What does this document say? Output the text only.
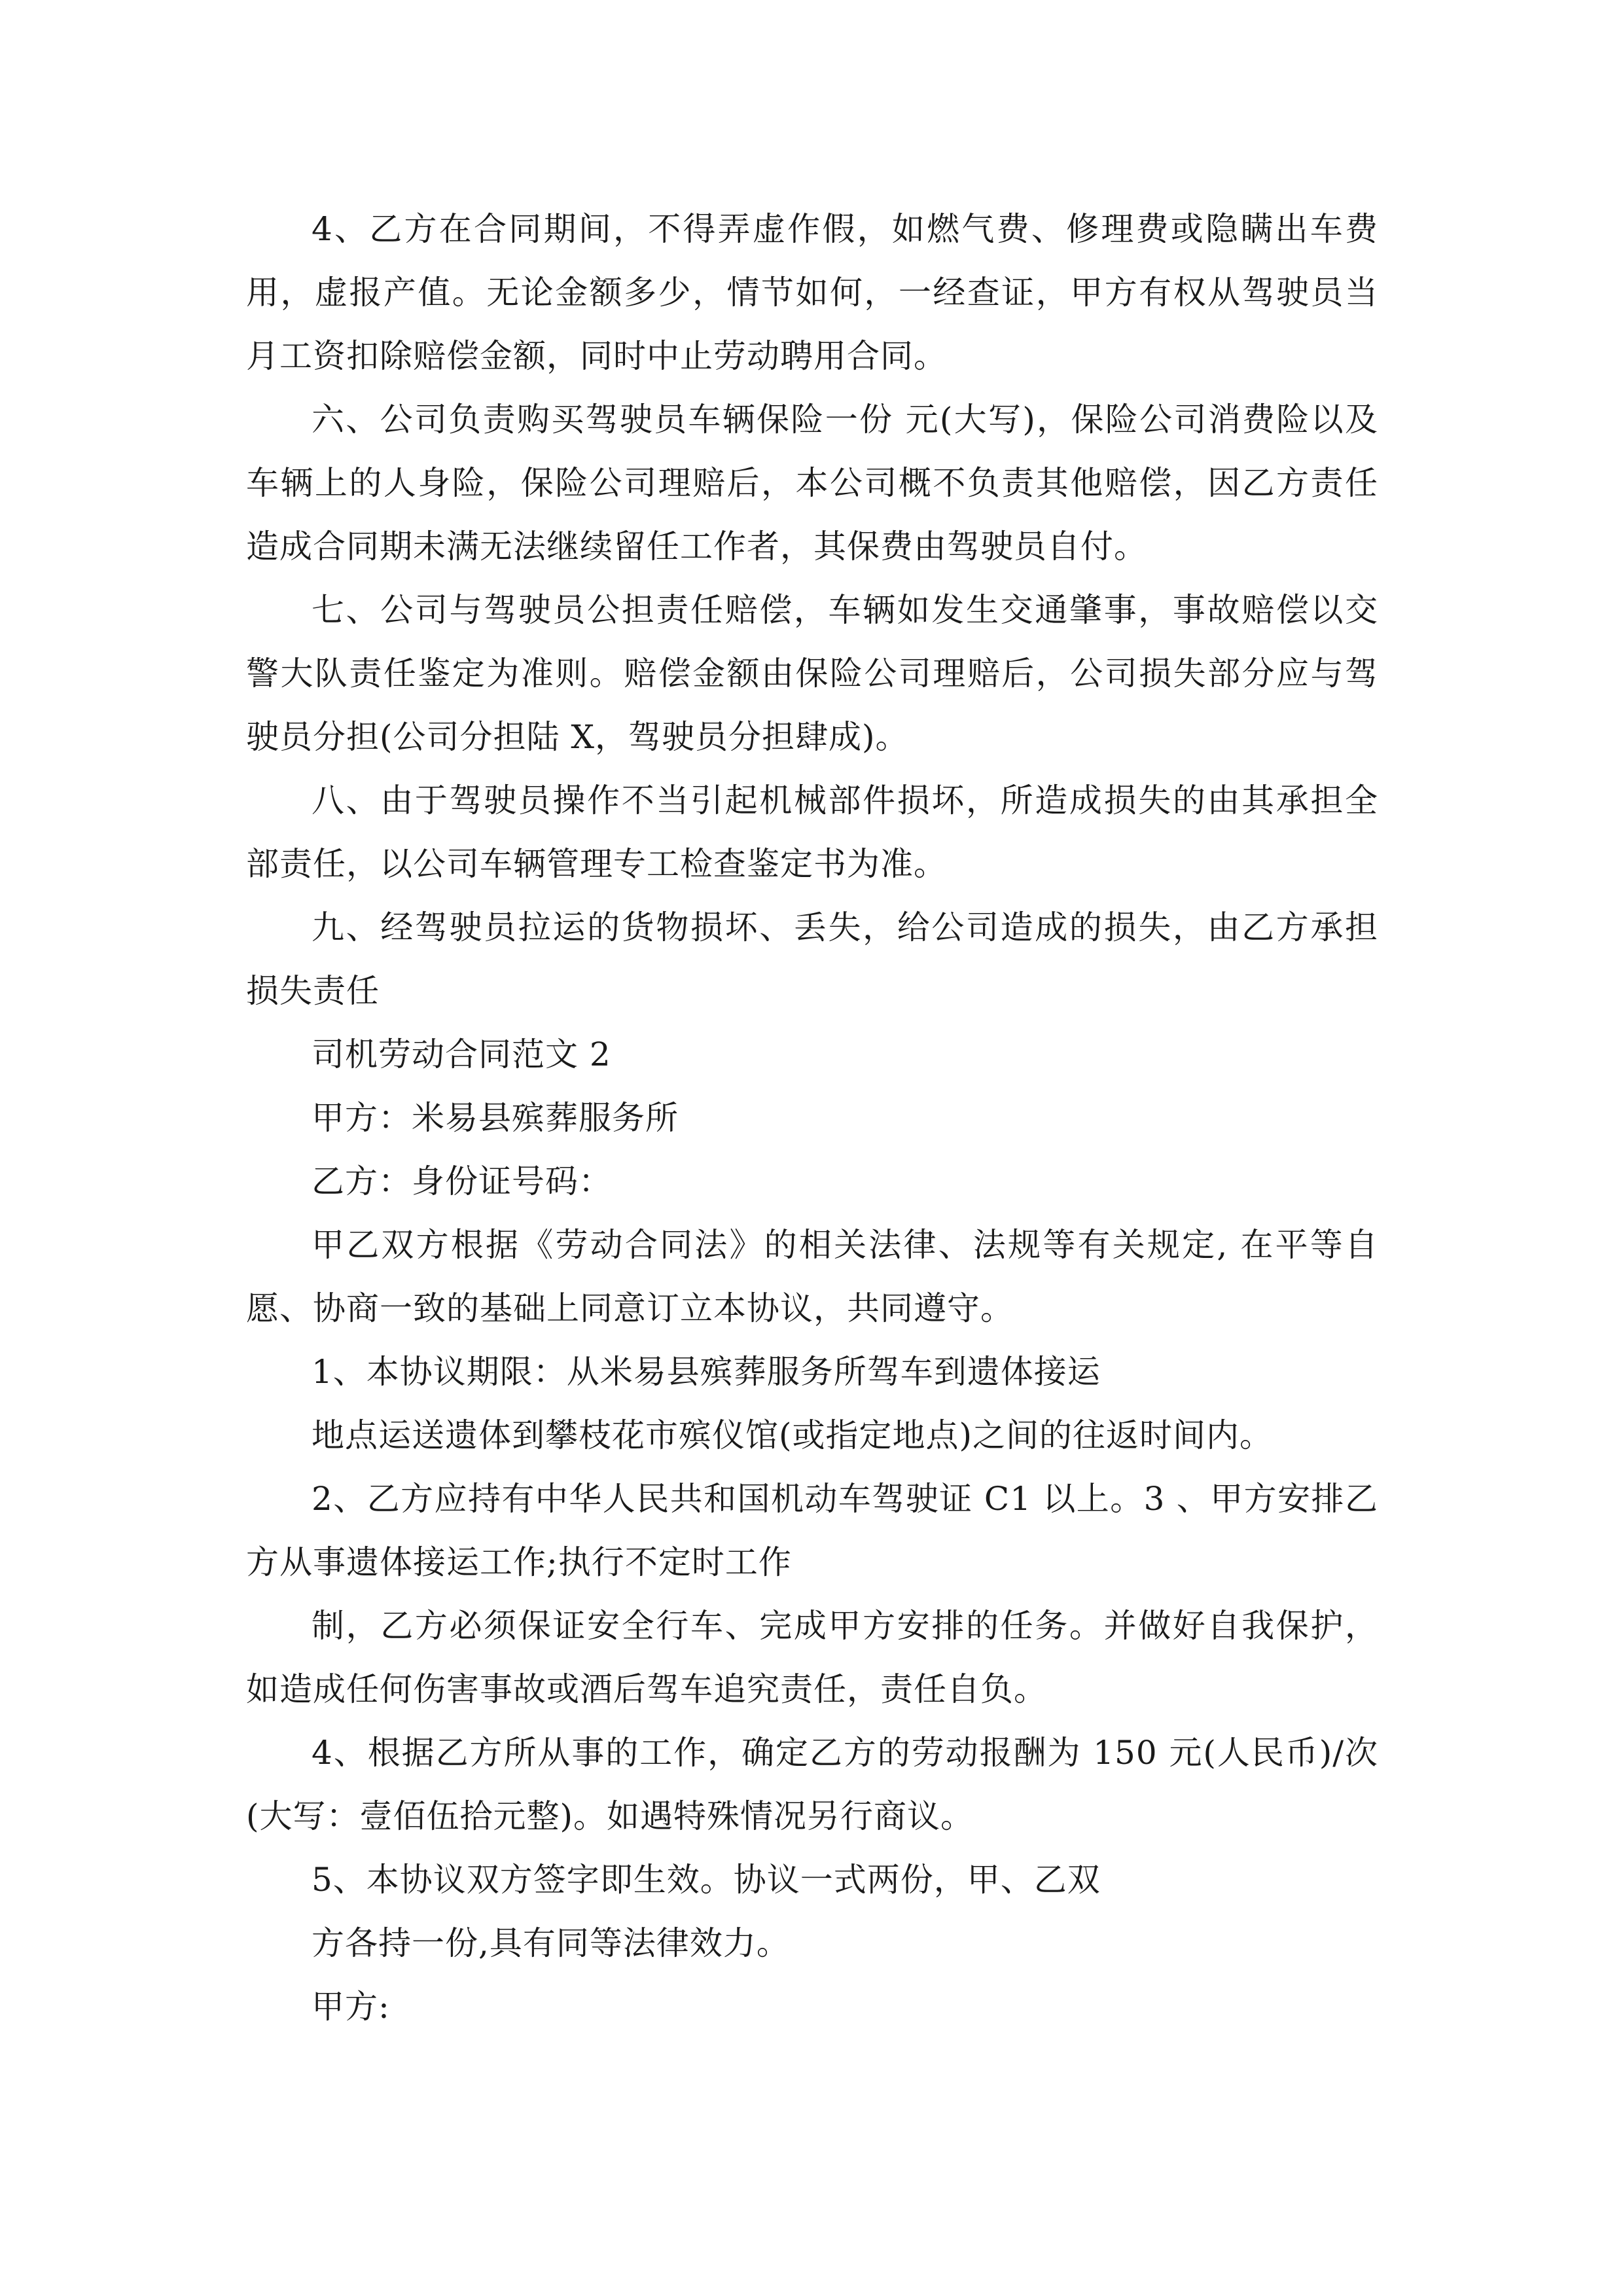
4、乙方在合同期间，不得弄虚作假，如燃气费、修理费或隐瞒出车费用，虚报产值。无论金额多少，情节如何，一经查证，甲方有权从驾驶员当月工资扣除赔偿金额，同时中止劳动聘用合同。

六、公司负责购买驾驶员车辆保险一份 元(大写)，保险公司消费险以及车辆上的人身险，保险公司理赔后，本公司概不负责其他赔偿，因乙方责任造成合同期未满无法继续留任工作者，其保费由驾驶员自付。

七、公司与驾驶员公担责任赔偿，车辆如发生交通肇事，事故赔偿以交警大队责任鉴定为准则。赔偿金额由保险公司理赔后，公司损失部分应与驾驶员分担(公司分担陆 X，驾驶员分担肆成)。

八、由于驾驶员操作不当引起机械部件损坏，所造成损失的由其承担全部责任，以公司车辆管理专工检查鉴定书为准。

九、经驾驶员拉运的货物损坏、丢失，给公司造成的损失，由乙方承担损失责任

司机劳动合同范文 2

甲方：米易县殡葬服务所

乙方：身份证号码：

甲乙双方根据《劳动合同法》的相关法律、法规等有关规定, 在平等自愿、协商一致的基础上同意订立本协议，共同遵守。

1、本协议期限：从米易县殡葬服务所驾车到遗体接运

地点运送遗体到攀枝花市殡仪馆(或指定地点)之间的往返时间内。

2、乙方应持有中华人民共和国机动车驾驶证 C1 以上。3 、甲方安排乙方从事遗体接运工作;执行不定时工作

制，乙方必须保证安全行车、完成甲方安排的任务。并做好自我保护，如造成任何伤害事故或酒后驾车追究责任，责任自负。

4、根据乙方所从事的工作，确定乙方的劳动报酬为 150 元(人民币)/次(大写：壹佰伍拾元整)。如遇特殊情况另行商议。

5、本协议双方签字即生效。协议一式两份，甲、乙双

方各持一份,具有同等法律效力。

甲方:
